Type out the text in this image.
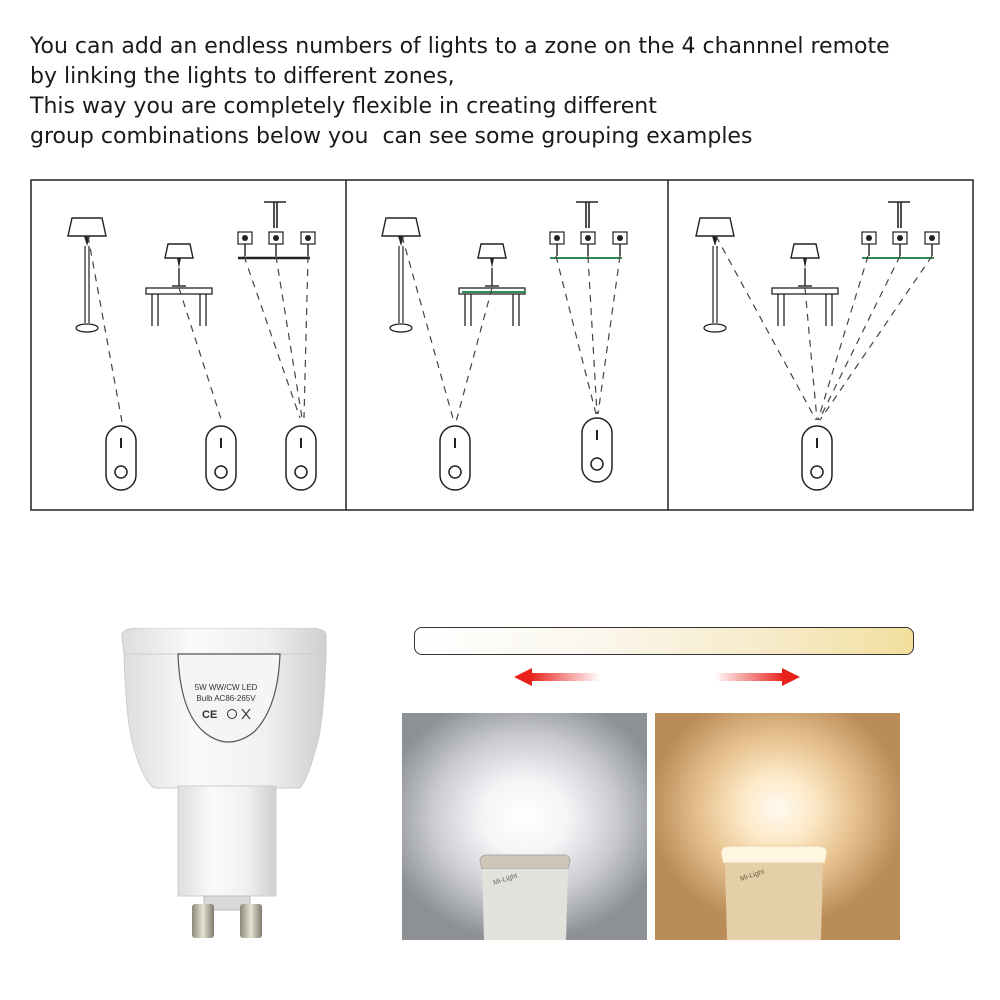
You can add an endless numbers of lights to a zone on the 4 channnel remote
by linking the lights to different zones,
This way you are completely flexible in creating different
group combinations below you  can see some grouping examples
5W WW/CW LED
Bulb AC86-265V
CE
Mi-Light	Mi-Light
